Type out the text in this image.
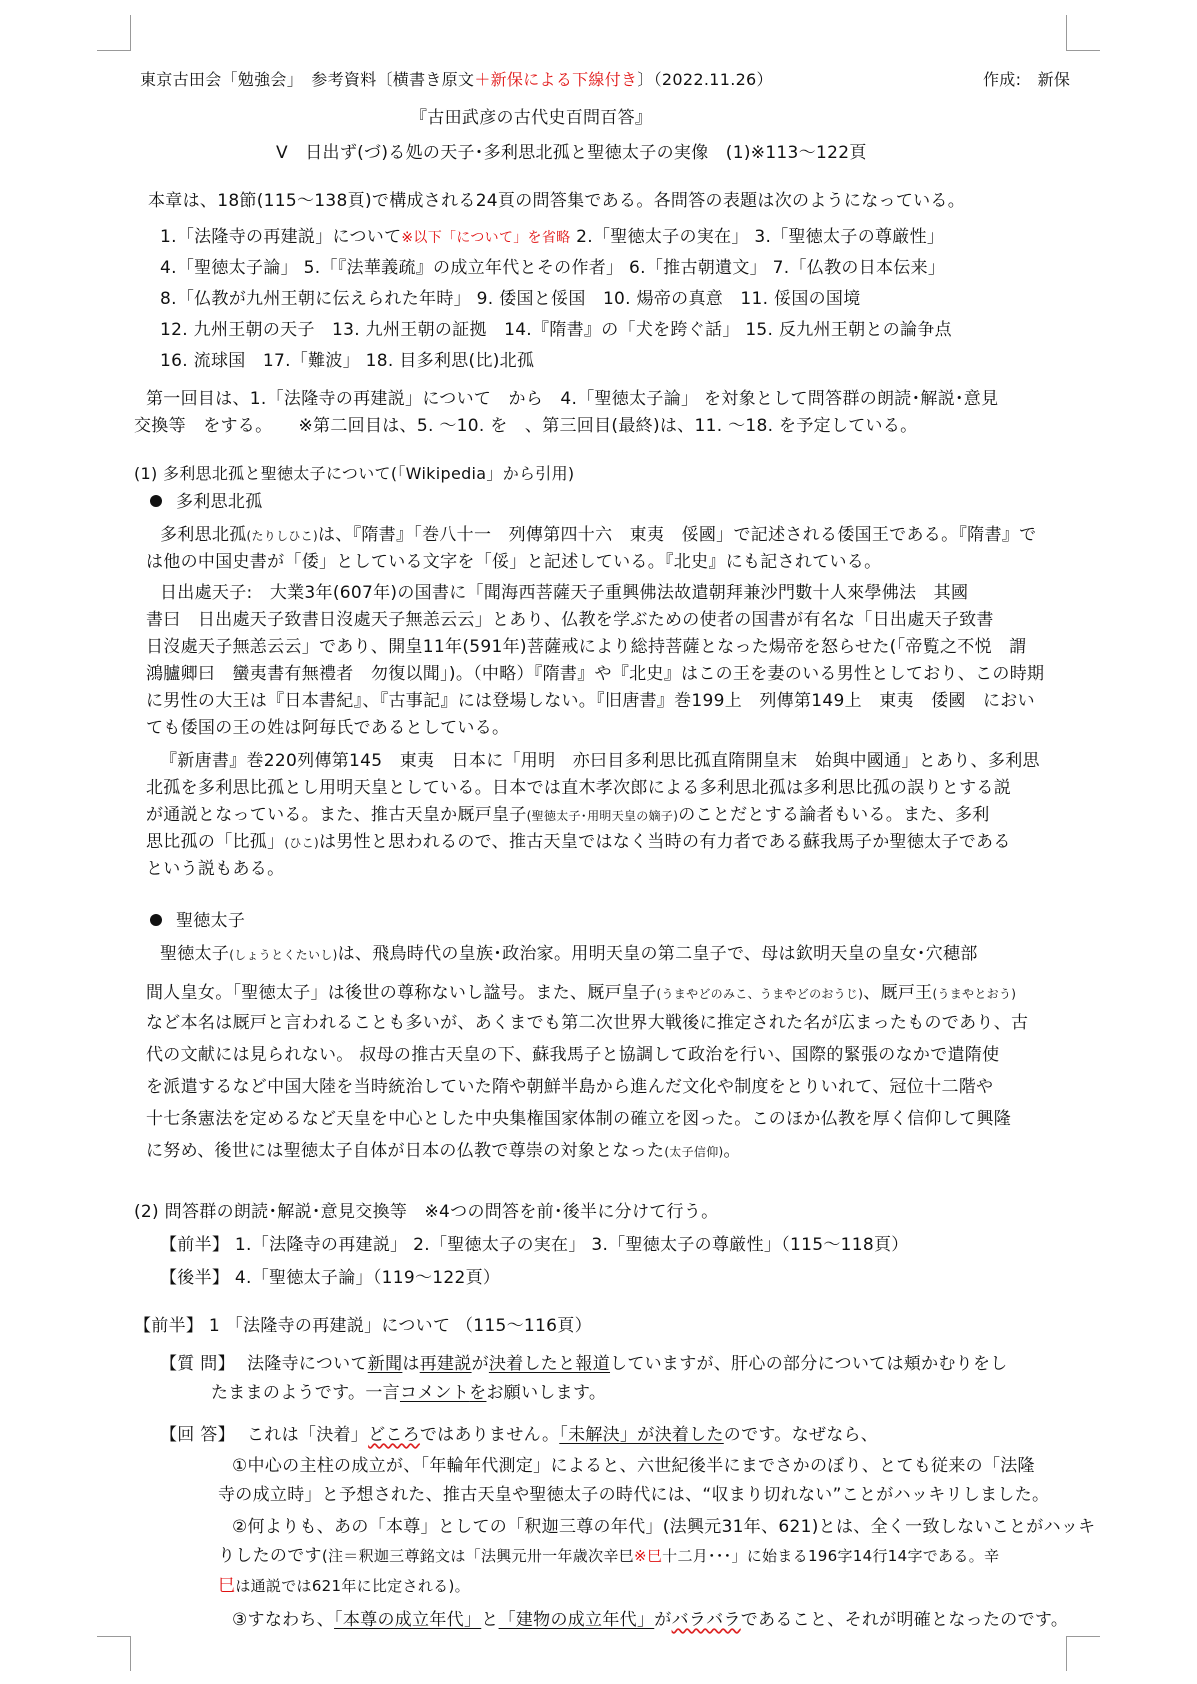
東京古田会「勉強会」　参考資料〔横書き原文＋新保による下線付き〕（2022.11.26）	作成:　新保
『古田武彦の古代史百問百答』
Ⅴ　日出ず(づ)る処の天子･多利思北孤と聖徳太子の実像　(1)※113～122頁
本章は、18節(115～138頁)で構成される24頁の問答集である。各問答の表題は次のようになっている。
1.「法隆寺の再建説」について※以下「について」を省略 2.「聖徳太子の実在」 3.「聖徳太子の尊厳性」
4.「聖徳太子論」 5.「『法華義疏』の成立年代とその作者」 6.「推古朝遺文」 7.「仏教の日本伝来」
8.「仏教が九州王朝に伝えられた年時」 9. 倭国と俀国　10. 煬帝の真意　11. 俀国の国境
12. 九州王朝の天子　13. 九州王朝の証拠　14.『隋書』の「犬を跨ぐ話」 15. 反九州王朝との論争点
16. 流球国　17.「難波」 18. 目多利思(比)北孤
第一回目は、1.「法隆寺の再建説」について　から　4.「聖徳太子論」 を対象として問答群の朗読･解説･意見
交換等　をする。　　※第二回目は、5. ～10. を　、第三回目(最終)は、11. ～18. を予定している。
(1) 多利思北孤と聖徳太子について(「Wikipedia」から引用)
多利思北孤
多利思北孤(たりしひこ)は、『隋書』「巻八十一　列傳第四十六　東夷　俀國」で記述される倭国王である。『隋書』で
は他の中国史書が「倭」としている文字を「俀」と記述している。『北史』にも記されている。
日出處天子:　大業3年(607年)の国書に「聞海西菩薩天子重興佛法故遣朝拜兼沙門數十人來學佛法　其國
書曰　日出處天子致書日沒處天子無恙云云」とあり、仏教を学ぶための使者の国書が有名な「日出處天子致書
日沒處天子無恙云云」であり、開皇11年(591年)菩薩戒により総持菩薩となった煬帝を怒らせた(「帝覧之不悦　謂
鴻臚卿曰　蠻夷書有無禮者　勿復以聞」)。（中略）『隋書』や『北史』はこの王を妻のいる男性としており、この時期
に男性の大王は『日本書紀』、『古事記』には登場しない。『旧唐書』巻199上　列傳第149上　東夷　倭國　におい
ても倭国の王の姓は阿毎氏であるとしている。
『新唐書』巻220列傳第145　東夷　日本に「用明　亦曰目多利思比孤直隋開皇末　始與中國通」とあり、多利思
北孤を多利思比孤とし用明天皇としている。日本では直木孝次郎による多利思北孤は多利思比孤の誤りとする説
が通説となっている。また、推古天皇か厩戸皇子(聖徳太子･用明天皇の嫡子)のことだとする論者もいる。また、多利
思比孤の「比孤」(ひこ)は男性と思われるので、推古天皇ではなく当時の有力者である蘇我馬子か聖徳太子である
という説もある。
聖徳太子
聖徳太子(しょうとくたいし)は、飛鳥時代の皇族･政治家。用明天皇の第二皇子で、母は欽明天皇の皇女･穴穂部
間人皇女。「聖徳太子」は後世の尊称ないし諡号。また、厩戸皇子(うまやどのみこ、うまやどのおうじ)、厩戸王(うまやとおう)
など本名は厩戸と言われることも多いが、あくまでも第二次世界大戦後に推定された名が広まったものであり、古
代の文献には見られない。 叔母の推古天皇の下、蘇我馬子と協調して政治を行い、国際的緊張のなかで遣隋使
を派遣するなど中国大陸を当時統治していた隋や朝鮮半島から進んだ文化や制度をとりいれて、冠位十二階や
十七条憲法を定めるなど天皇を中心とした中央集権国家体制の確立を図った。このほか仏教を厚く信仰して興隆
に努め、後世には聖徳太子自体が日本の仏教で尊崇の対象となった(太子信仰)。
(2) 問答群の朗読･解説･意見交換等　※4つの問答を前･後半に分けて行う。
【前半】 1.「法隆寺の再建説」 2.「聖徳太子の実在」 3.「聖徳太子の尊厳性」（115～118頁）
【後半】 4.「聖徳太子論」（119～122頁）
【前半】 1 「法隆寺の再建説」について （115～116頁）
【質 問】 法隆寺について新聞は再建説が決着したと報道していますが、肝心の部分については頬かむりをし
たままのようです。一言コメントをお願いします。
【回 答】 これは「決着」どころではありません。「未解決」が決着したのです。なぜなら、
①中心の主柱の成立が、「年輪年代測定」によると、六世紀後半にまでさかのぼり、とても従来の「法隆
寺の成立時」と予想された、推古天皇や聖徳太子の時代には、“収まり切れない”ことがハッキリしました。
②何よりも、あの「本尊」としての「釈迦三尊の年代」(法興元31年、621)とは、全く一致しないことがハッキ
りしたのです(注＝釈迦三尊銘文は「法興元卅一年歳次辛巳※巳十二月･･･」に始まる196字14行14字である。辛
巳は通説では621年に比定される)。
③すなわち、「本尊の成立年代」と「建物の成立年代」がバラバラであること、それが明確となったのです。
